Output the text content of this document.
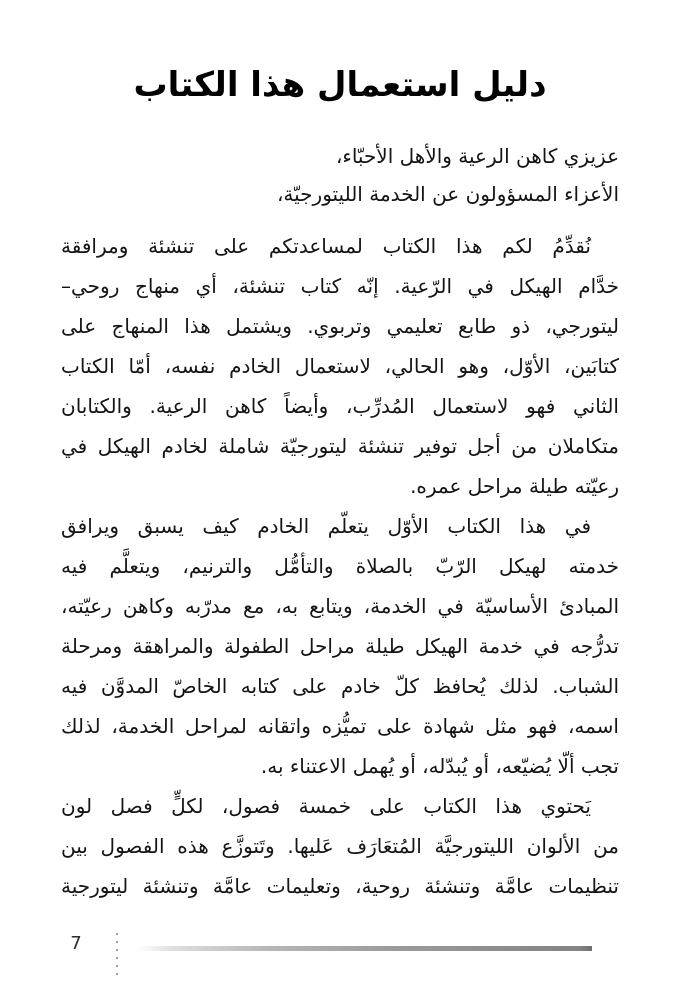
دليل استعمال هذا الكتاب
عزيزي كاهن الرعية والأهل الأحبّاء،
الأعزاء المسؤولون عن الخدمة الليتورجيّة،
نُقدِّمُ لكم هذا الكتاب لمساعدتكم على تنشئة ومرافقة
خدَّام الهيكل في الرّعية. إنّه كتاب تنشئة، أي منهاج روحي–
ليتورجي، ذو طابع تعليمي وتربوي. ويشتمل هذا المنهاج على
كتابَين، الأوّل، وهو الحالي، لاستعمال الخادم نفسه، أمّا الكتاب
الثاني فهو لاستعمال المُدرِّب، وأيضاً كاهن الرعية. والكتابان
متكاملان من أجل توفير تنشئة ليتورجيّة شاملة لخادم الهيكل في
رعيّته طيلة مراحل عمره.
في هذا الكتاب الأوّل يتعلّم الخادم كيف يسبق ويرافق
خدمته لهيكل الرّبّ بالصلاة والتأمُّل والترنيم، ويتعلَّم فيه
المبادئ الأساسيّة في الخدمة، ويتابع به، مع مدرّبه وكاهن رعيّته،
تدرُّجه في خدمة الهيكل طيلة مراحل الطفولة والمراهقة ومرحلة
الشباب. لذلك يُحافظ كلّ خادم على كتابه الخاصّ المدوَّن فيه
اسمه، فهو مثل شهادة على تميُّزه واتقانه لمراحل الخدمة، لذلك
تجب ألّا يُضيّعه، أو يُبدّله، أو يُهمل الاعتناء به.
يَحتوي هذا الكتاب على خمسة فصول، لكلٍّ فصل لون
من الألوان الليتورجيَّة المُتعَارَف عَليها. وتَتوزَّع هذه الفصول بين
تنظيمات عامَّة وتنشئة روحية، وتعليمات عامَّة وتنشئة ليتورجية
7
